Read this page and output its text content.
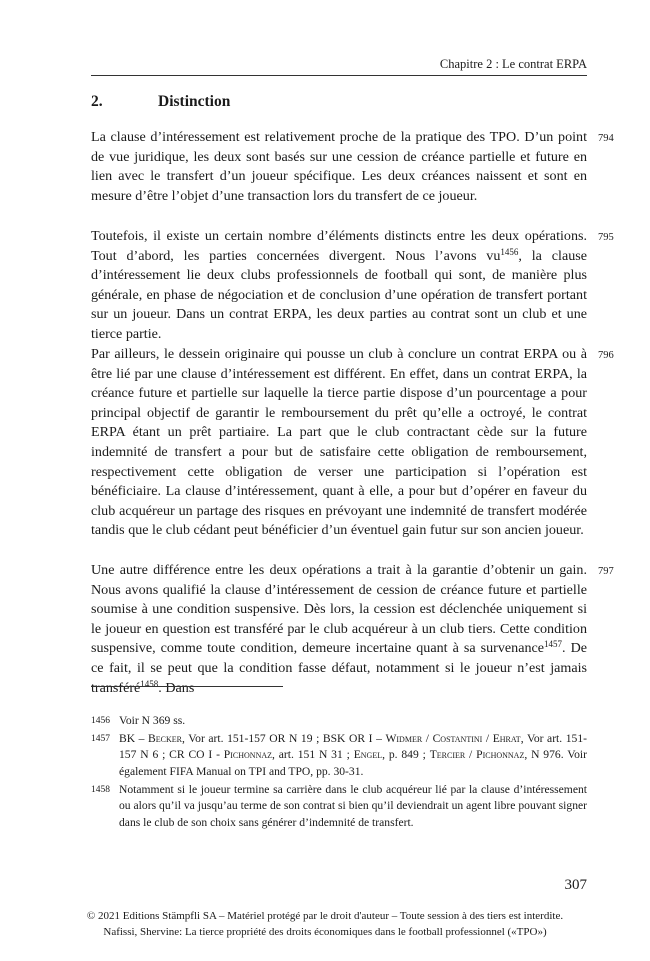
Chapitre 2 : Le contrat ERPA
2.	Distinction
La clause d’intéressement est relativement proche de la pratique des TPO. D’un point de vue juridique, les deux sont basés sur une cession de créance partielle et future en lien avec le transfert d’un joueur spécifique. Les deux créances naissent et sont en mesure d’être l’objet d’une transaction lors du transfert de ce joueur.
794
Toutefois, il existe un certain nombre d’éléments distincts entre les deux opérations. Tout d’abord, les parties concernées divergent. Nous l’avons $vu^{1456}$, la clause d’intéressement lie deux clubs professionnels de football qui sont, de manière plus générale, en phase de négociation et de conclusion d’une opération de transfert portant sur un joueur. Dans un contrat ERPA, les deux parties au contrat sont un club et une tierce partie.
795
Par ailleurs, le dessein originaire qui pousse un club à conclure un contrat ERPA ou à être lié par une clause d’intéressement est différent. En effet, dans un contrat ERPA, la créance future et partielle sur laquelle la tierce partie dispose d’un pourcentage a pour principal objectif de garantir le remboursement du prêt qu’elle a octroyé, le contrat ERPA étant un prêt partiaire. La part que le club contractant cède sur la future indemnité de transfert a pour but de satisfaire cette obligation de remboursement, respectivement cette obligation de verser une participation si l’opération est bénéficiaire. La clause d’intéressement, quant à elle, a pour but d’opérer en faveur du club acquéreur un partage des risques en prévoyant une indemnité de transfert modérée tandis que le club cédant peut bénéficier d’un éventuel gain futur sur son ancien joueur.
796
Une autre différence entre les deux opérations a trait à la garantie d’obtenir un gain. Nous avons qualifié la clause d’intéressement de cession de créance future et partielle soumise à une condition suspensive. Dès lors, la cession est déclenchée uniquement si le joueur en question est transféré par le club acquéreur à un club tiers. Cette condition suspensive, comme toute condition, demeure incertaine quant à sa survenance$^{1457}$. De ce fait, il se peut que la condition fasse défaut, notamment si le joueur n’est jamais transféré$^{1458}$. Dans
797
1456 Voir N 369 ss.
1457 BK – Becker, Vor art. 151-157 OR N 19 ; BSK OR I – Widmer / Costantini / Ehrat, Vor art. 151-157 N 6 ; CR CO I - Pichonnaz, art. 151 N 31 ; Engel, p. 849 ; Tercier / Pichonnaz, N 976. Voir également FIFA Manual on TPI and TPO, pp. 30-31.
1458 Notamment si le joueur termine sa carrière dans le club acquéreur lié par la clause d’intéressement ou alors qu’il va jusqu’au terme de son contrat si bien qu’il deviendrait un agent libre pouvant signer dans le club de son choix sans générer d’indemnité de transfert.
307
© 2021 Editions Stämpfli SA – Matériel protégé par le droit d'auteur – Toute session à des tiers est interdite.
Nafissi, Shervine: La tierce propriété des droits économiques dans le football professionnel («TPO»)
